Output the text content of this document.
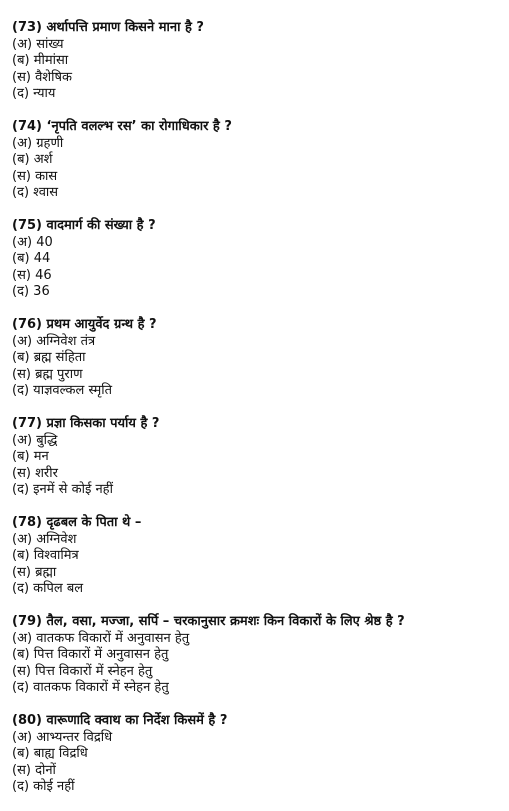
(73) अर्थापत्ति प्रमाण किसने माना है ?
(अ) सांख्य
(ब) मीमांसा
(स) वैशेषिक
(द) न्याय
(74) ‘नृपति वलल्भ रस’ का रोगाधिकार है ?
(अ) ग्रहणी
(ब) अर्श
(स) कास
(द) श्वास
(75) वादमार्ग की संख्या है ?
(अ) 40
(ब) 44
(स) 46
(द) 36
(76) प्रथम आयुर्वेद ग्रन्थ है ?
(अ) अग्निवेश तंत्र
(ब) ब्रह्म संहिता
(स) ब्रह्म पुराण
(द) याज्ञवल्कल स्मृति
(77) प्रज्ञा किसका पर्याय है ?
(अ) बुद्धि
(ब) मन
(स) शरीर
(द) इनमें से कोई नहीं
(78) दृढबल के पिता थे –
(अ) अग्निवेश
(ब) विश्वामित्र
(स) ब्रह्मा
(द) कपिल बल
(79) तैल, वसा, मज्जा, सर्पि – चरकानुसार क्रमशः किन विकारों के लिए श्रेष्ठ है ?
(अ) वातकफ विकारों में अनुवासन हेतु
(ब) पित्त विकारों में अनुवासन हेतु
(स) पित्त विकारों में स्नेहन हेतु
(द) वातकफ विकारों में स्नेहन हेतु
(80) वारूणादि क्वाथ का निर्देश किसमें है ?
(अ) आभ्यन्तर विद्रधि
(ब) बाह्य विद्रधि
(स) दोनों
(द) कोई नहीं
